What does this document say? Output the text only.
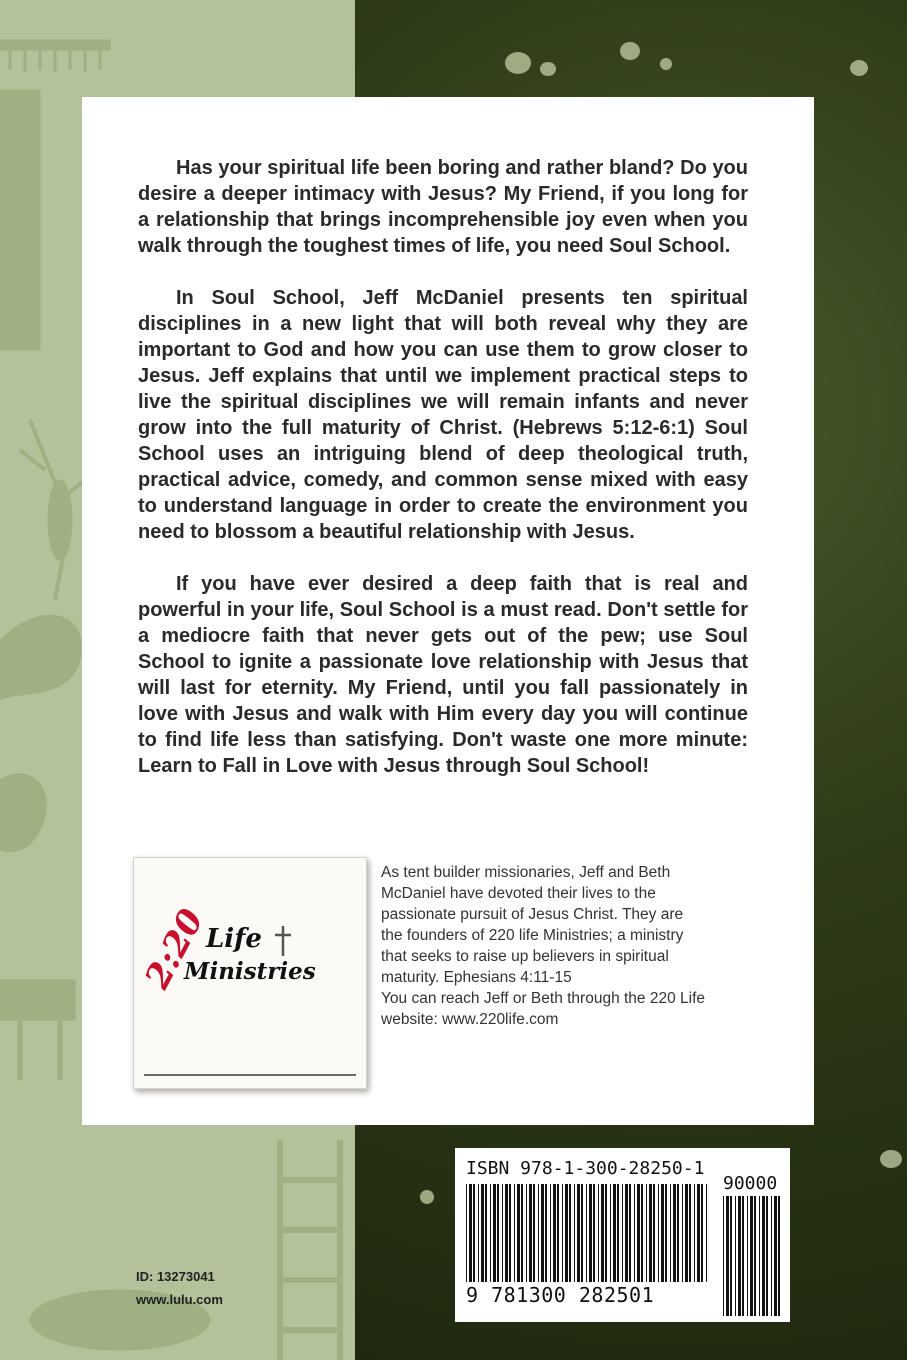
Has your spiritual life been boring and rather bland? Do you desire a deeper intimacy with Jesus? My Friend, if you long for a relationship that brings incomprehensible joy even when you walk through the toughest times of life, you need Soul School.

In Soul School, Jeff McDaniel presents ten spiritual disciplines in a new light that will both reveal why they are important to God and how you can use them to grow closer to Jesus. Jeff explains that until we implement practical steps to live the spiritual disciplines we will remain infants and never grow into the full maturity of Christ. (Hebrews 5:12-6:1) Soul School uses an intriguing blend of deep theological truth, practical advice, comedy, and common sense mixed with easy to understand language in order to create the environment you need to blossom a beautiful relationship with Jesus.

If you have ever desired a deep faith that is real and powerful in your life, Soul School is a must read. Don't settle for a mediocre faith that never gets out of the pew; use Soul School to ignite a passionate love relationship with Jesus that will last for eternity. My Friend, until you fall passionately in love with Jesus and walk with Him every day you will continue to find life less than satisfying. Don't waste one more minute: Learn to Fall in Love with Jesus through Soul School!

2:20
Life
Ministries
As tent builder missionaries, Jeff and Beth
McDaniel have devoted their lives to the
passionate pursuit of Jesus Christ. They are
the founders of 220 life Ministries; a ministry
that seeks to raise up believers in spiritual
maturity. Ephesians 4:11-15
You can reach Jeff or Beth through the 220 Life
website: www.220life.com
ISBN 978-1-300-28250-1
90000
9 781300 282501
ID: 13273041
www.lulu.com
